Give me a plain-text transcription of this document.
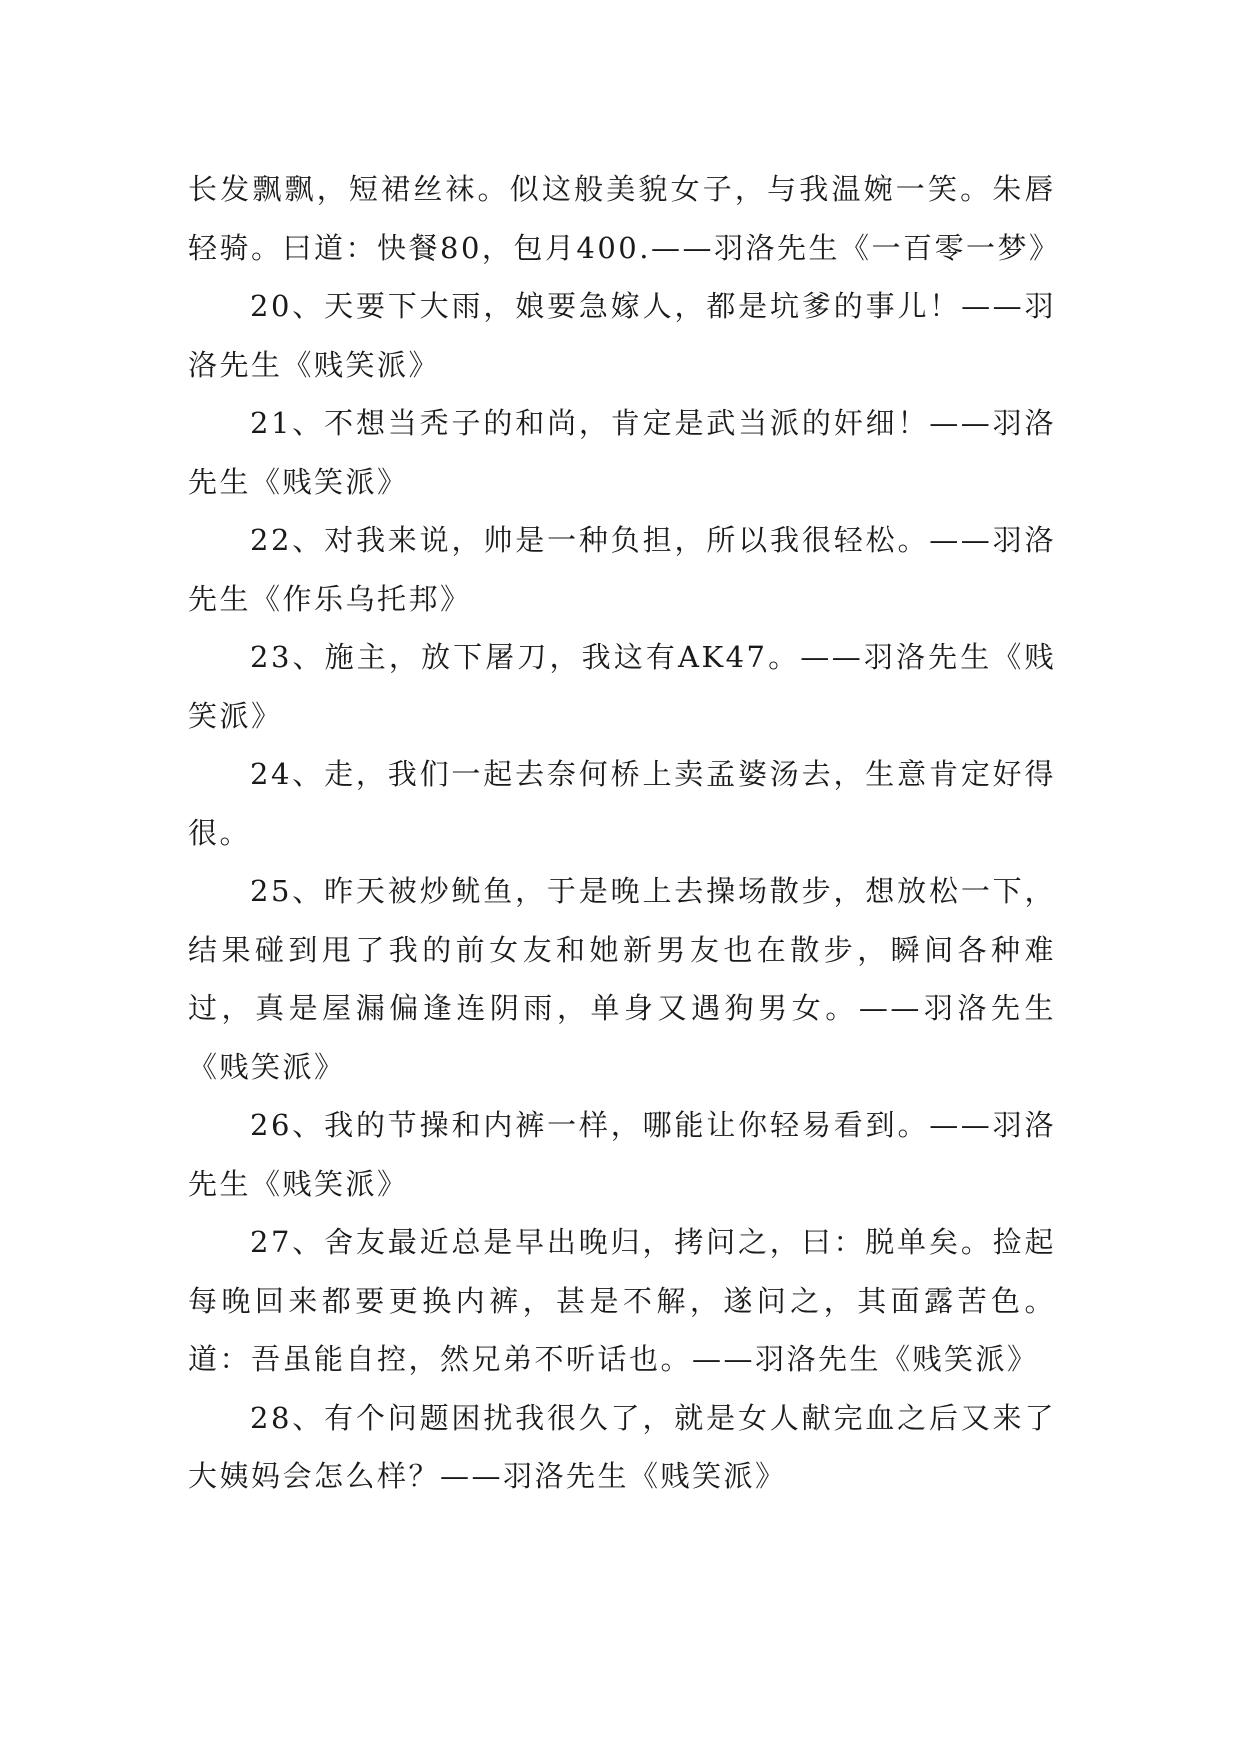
长发飘飘，短裙丝袜。似这般美貌女子，与我温婉一笑。朱唇轻骑。曰道：快餐80，包月400.——羽洛先生《一百零一梦》

20、天要下大雨，娘要急嫁人，都是坑爹的事儿！——羽洛先生《贱笑派》

21、不想当秃子的和尚，肯定是武当派的奸细！——羽洛先生《贱笑派》

22、对我来说，帅是一种负担，所以我很轻松。——羽洛先生《作乐乌托邦》

23、施主，放下屠刀，我这有AK47。——羽洛先生《贱笑派》

24、走，我们一起去奈何桥上卖孟婆汤去，生意肯定好得很。

25、昨天被炒鱿鱼，于是晚上去操场散步，想放松一下，结果碰到甩了我的前女友和她新男友也在散步，瞬间各种难过，真是屋漏偏逢连阴雨，单身又遇狗男女。——羽洛先生《贱笑派》

26、我的节操和内裤一样，哪能让你轻易看到。——羽洛先生《贱笑派》

27、舍友最近总是早出晚归，拷问之，曰：脱单矣。捡起每晚回来都要更换内裤，甚是不解，遂问之，其面露苦色。道：吾虽能自控，然兄弟不听话也。——羽洛先生《贱笑派》

28、有个问题困扰我很久了，就是女人献完血之后又来了大姨妈会怎么样？——羽洛先生《贱笑派》
